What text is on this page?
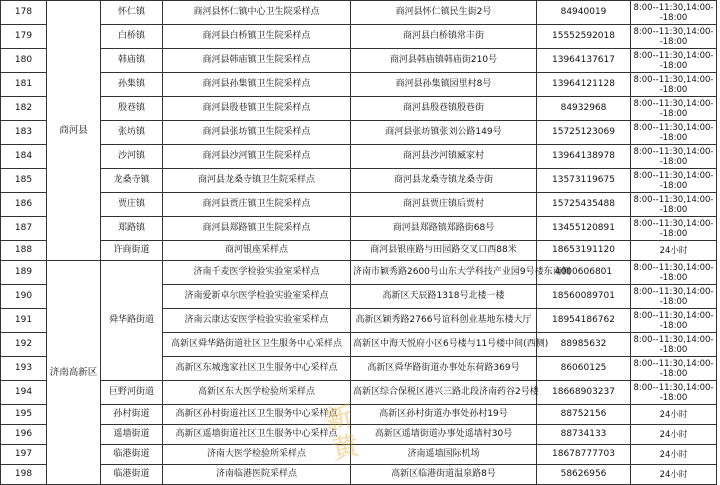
178	商河县	怀仁镇	商河县怀仁镇中心卫生院采样点	商河县怀仁镇民生街2号	84940019	8:00--11:30,14:00--18:00
179		白桥镇	商河县白桥镇卫生院采样点	商河县白桥镇常丰街	15552592018	8:00--11:30,14:00--18:00
180		韩庙镇	商河县韩庙镇卫生院采样点	商河县韩庙镇韩庙街210号	13964137617	8:00--11:30,14:00--18:00
181		孙集镇	商河县孙集镇卫生院采样点	商河县孙集镇园里村8号	13964121128	8:00--11:30,14:00--18:00
182		殷巷镇	商河县殷巷镇卫生院采样点	商河县殷巷镇殷巷街	84932968	8:00--11:30,14:00--18:00
183		张坊镇	商河县张坊镇卫生院采样点	商河县张坊镇张刘公路149号	15725123069	8:00--11:30,14:00--18:00
184		沙河镇	商河县沙河镇卫生院采样点	商河县沙河镇臧家村	13964138978	8:00--11:30,14:00--18:00
185		龙桑寺镇	商河县龙桑寺镇卫生院采样点	商河县龙桑寺镇龙桑寺街	13573119675	8:00--11:30,14:00--18:00
186		贾庄镇	商河县贾庄镇卫生院采样点	商河县贾庄镇后贾村	15725435488	8:00--11:30,14:00--18:00
187		郑路镇	商河县郑路镇卫生院采样点	商河县郑路镇郑路街68号	13455120891	8:00--11:30,14:00--18:00
188		许商街道	商河银座采样点	商河县银座路与田园路交叉口西88米	18653191120	24小时
189	济南高新区	舜华路街道	济南千麦医学检验实验室采样点	济南市颖秀路2600号山东大学科技产业园9号楼东南侧	4000606801	8:00--11:30,14:00--18:00
190			济南爱新卓尔医学检验实验室采样点	高新区天辰路1318号北楼一楼	18560089701	8:00--11:30,14:00--18:00
191			济南云康达安医学检验实验室采样点	高新区颖秀路2766号谊科创业基地东楼大厅	18954186762	8:00--11:30,14:00--18:00
192			高新区舜华路街道社区卫生服务中心采样点	高新区中海天悦府小区6号楼与11号楼中间(西侧)	88985632	8:00--11:30,14:00--18:00
193			高新区东城逸家社区卫生服务中心采样点	高新区舜华路街道办事处东荷路369号	86060125	8:00--11:30,14:00--18:00
194		巨野河街道	高新区东大医学检验所采样点	高新区综合保税区港兴三路北段济南药谷2号楼	18668903237	8:00--11:30,14:00--18:00
195		孙村街道	高新区孙村街道社区卫生服务中心采样点	高新区孙村街道办事处孙村19号	88752156	24小时
196		遥墙街道	高新区遥墙街道社区卫生服务中心采样点	高新区遥墙街道办事处遥墙村30号	88734133	24小时
197		临港街道	济南大医学检验所采样点	济南遥墙国际机场	18678777703	24小时
198		临港街道	济南临港医院采样点	高新区临港街道温泉路8号	58626956	24小时
新
黄
